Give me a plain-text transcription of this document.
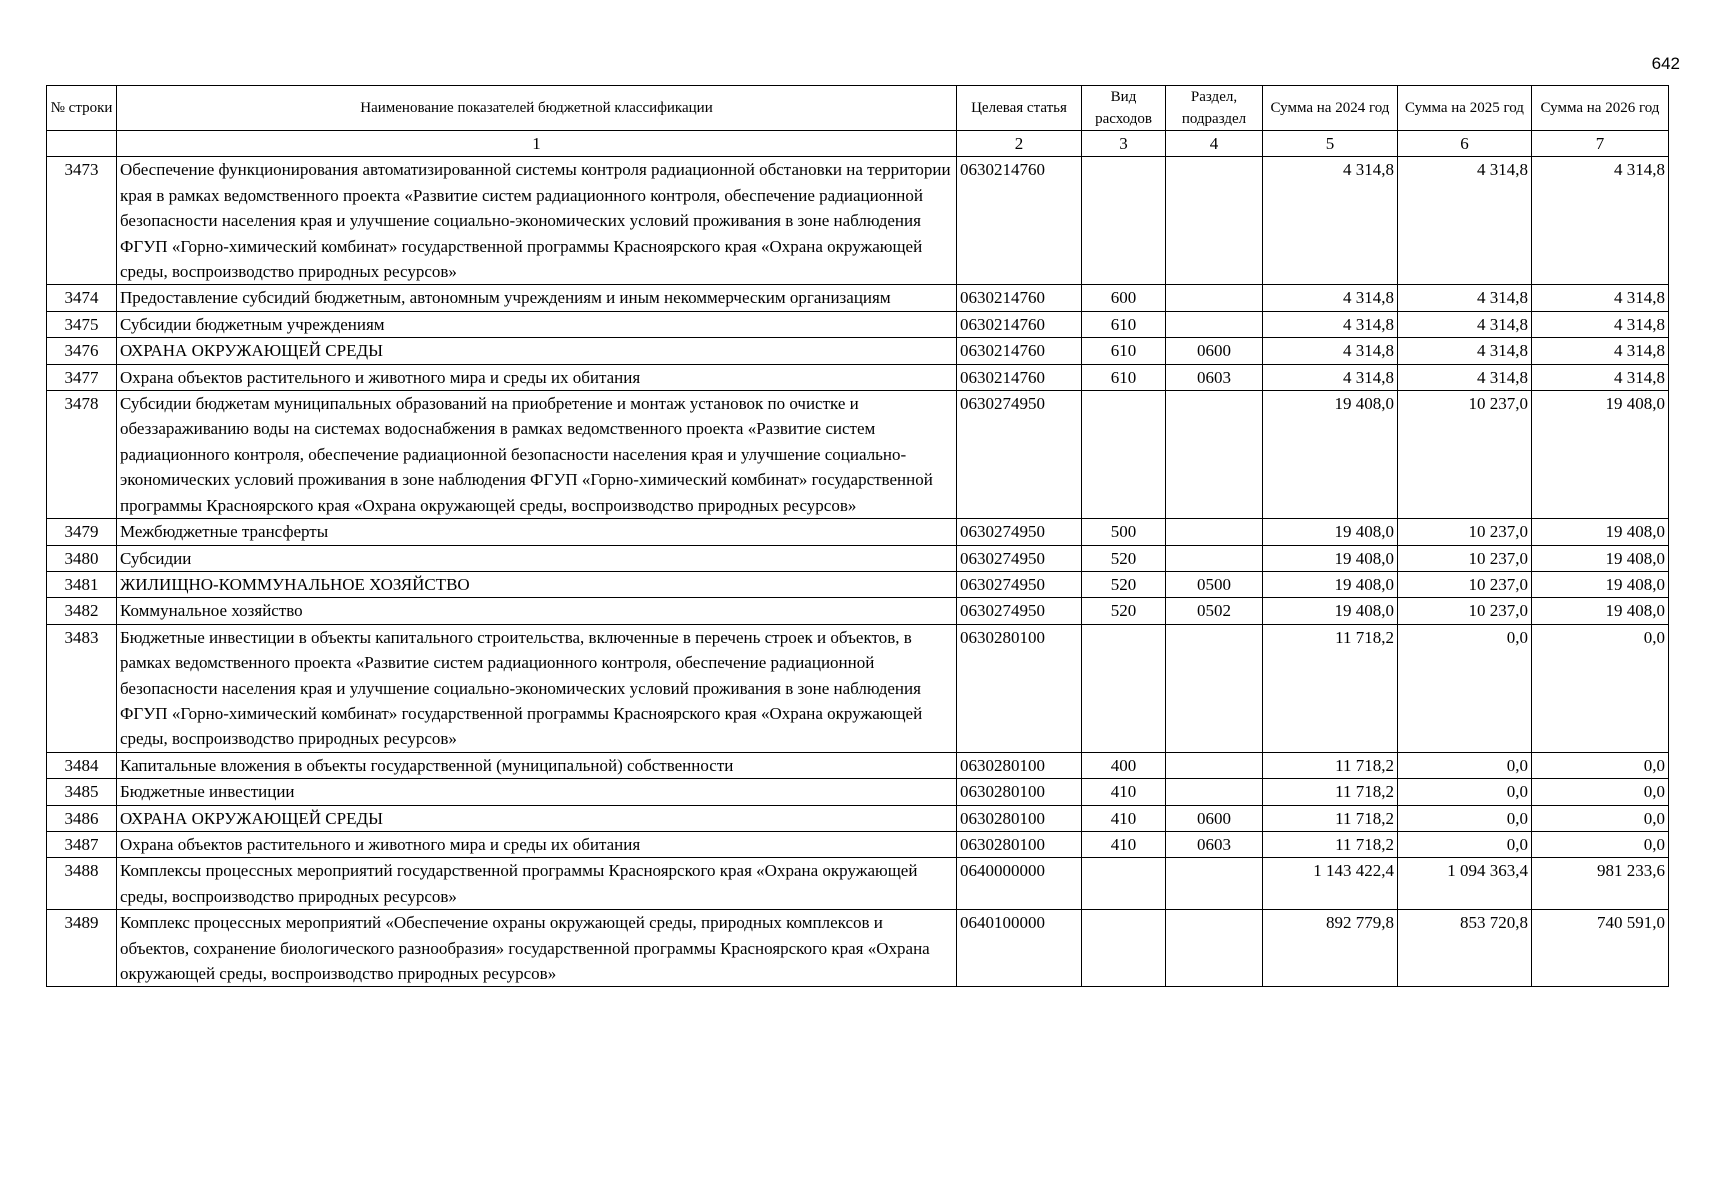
642
№ строки	Наименование показателей бюджетной классификации	Целевая статья	Вид расходов	Раздел, подраздел	Сумма на 2024 год	Сумма на 2025 год	Сумма на 2026 год
	1	2	3	4	5	6	7
3473	Обеспечение функционирования автоматизированной системы контроля радиационной обстановки на территории края в рамках ведомственного проекта «Развитие систем радиационного контроля, обеспечение радиационной безопасности населения края и улучшение социально-экономических условий проживания в зоне наблюдения ФГУП «Горно-химический комбинат» государственной программы Красноярского края «Охрана окружающей среды, воспроизводство природных ресурсов»	0630214760			4 314,8	4 314,8	4 314,8
3474	Предоставление субсидий бюджетным, автономным учреждениям и иным некоммерческим организациям	0630214760	600		4 314,8	4 314,8	4 314,8
3475	Субсидии бюджетным учреждениям	0630214760	610		4 314,8	4 314,8	4 314,8
3476	ОХРАНА ОКРУЖАЮЩЕЙ СРЕДЫ	0630214760	610	0600	4 314,8	4 314,8	4 314,8
3477	Охрана объектов растительного и животного мира и среды их обитания	0630214760	610	0603	4 314,8	4 314,8	4 314,8
3478	Субсидии бюджетам муниципальных образований на приобретение и монтаж установок по очистке и обеззараживанию воды на системах водоснабжения в рамках ведомственного проекта «Развитие систем радиационного контроля, обеспечение радиационной безопасности населения края и улучшение социально-экономических условий проживания в зоне наблюдения ФГУП «Горно-химический комбинат» государственной программы Красноярского края «Охрана окружающей среды, воспроизводство природных ресурсов»	0630274950			19 408,0	10 237,0	19 408,0
3479	Межбюджетные трансферты	0630274950	500		19 408,0	10 237,0	19 408,0
3480	Субсидии	0630274950	520		19 408,0	10 237,0	19 408,0
3481	ЖИЛИЩНО-КОММУНАЛЬНОЕ ХОЗЯЙСТВО	0630274950	520	0500	19 408,0	10 237,0	19 408,0
3482	Коммунальное хозяйство	0630274950	520	0502	19 408,0	10 237,0	19 408,0
3483	Бюджетные инвестиции в объекты капитального строительства, включенные в перечень строек и объектов, в рамках ведомственного проекта «Развитие систем радиационного контроля, обеспечение радиационной безопасности населения края и улучшение социально-экономических условий проживания в зоне наблюдения ФГУП «Горно-химический комбинат» государственной программы Красноярского края «Охрана окружающей среды, воспроизводство природных ресурсов»	0630280100			11 718,2	0,0	0,0
3484	Капитальные вложения в объекты государственной (муниципальной) собственности	0630280100	400		11 718,2	0,0	0,0
3485	Бюджетные инвестиции	0630280100	410		11 718,2	0,0	0,0
3486	ОХРАНА ОКРУЖАЮЩЕЙ СРЕДЫ	0630280100	410	0600	11 718,2	0,0	0,0
3487	Охрана объектов растительного и животного мира и среды их обитания	0630280100	410	0603	11 718,2	0,0	0,0
3488	Комплексы процессных мероприятий государственной программы Красноярского края «Охрана окружающей среды, воспроизводство природных ресурсов»	0640000000			1 143 422,4	1 094 363,4	981 233,6
3489	Комплекс процессных мероприятий «Обеспечение охраны окружающей среды, природных комплексов и объектов, сохранение биологического разнообразия» государственной программы Красноярского края «Охрана окружающей среды, воспроизводство природных ресурсов»	0640100000			892 779,8	853 720,8	740 591,0
